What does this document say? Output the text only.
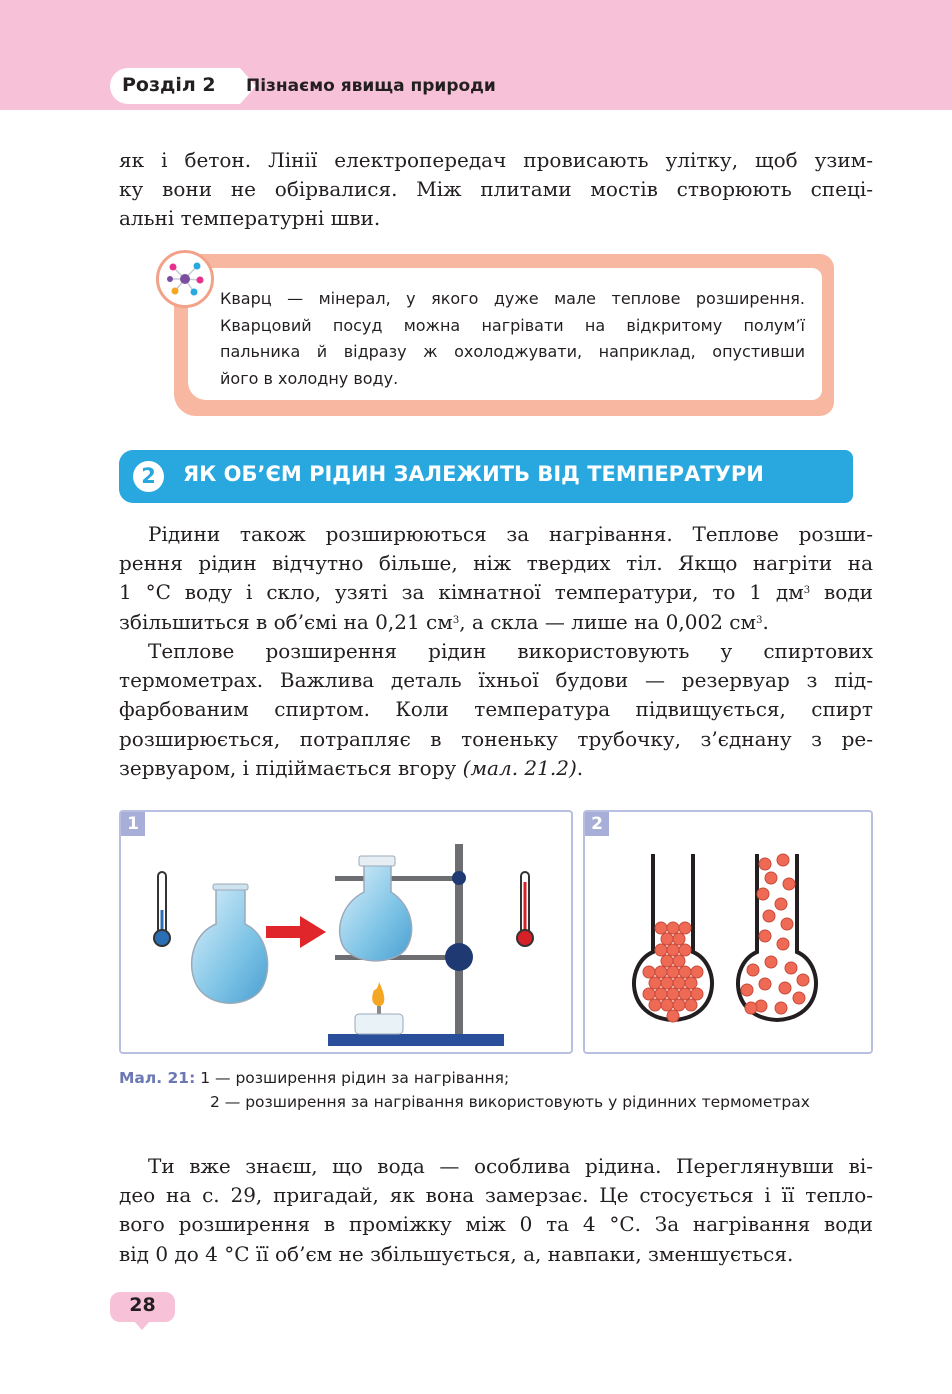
Розділ 2 Пізнаємо явища природи
як і бетон. Лінії електропередач провисають улітку, щоб узим-
ку вони не обірвалися. Між плитами мостів створюють спеці-
альні температурні шви.
Кварц — мінерал, у якого дуже мале теплове розширення.
Кварцовий посуд можна нагрівати на відкритому полум’ї
пальника й відразу ж охолоджувати, наприклад, опустивши
його в холодну воду.
2	ЯК ОБ’ЄМ РІДИН ЗАЛЕЖИТЬ ВІД ТЕМПЕРАТУРИ
Рідини також розширюються за нагрівання. Теплове розши-
рення рідин відчутно більше, ніж твердих тіл. Якщо нагріти на
1 °С воду і скло, узяті за кімнатної температури, то 1 $дм^3$ води
збільшиться в об’ємі на 0,21 $см^3$, а скла — лише на 0,002 $см^3$.
Теплове розширення рідин використовують у спиртових
термометрах. Важлива деталь їхньої будови — резервуар з під-
фарбованим спиртом. Коли температура підвищується, спирт
розширюється, потрапляє в тоненьку трубочку, з’єднану з ре-
зервуаром, і підіймається вгору (мал. 21.2).
1	2
Мал. 21: 1 — розширення рідин за нагрівання;
2 — розширення за нагрівання використовують у рідинних термометрах
Ти вже знаєш, що вода — особлива рідина. Переглянувши ві-
део на с. 29, пригадай, як вона замерзає. Це стосується і її тепло-
вого розширення в проміжку між 0 та 4 °С. За нагрівання води
від 0 до 4 °С її об’єм не збільшується, а, навпаки, зменшується.
28
